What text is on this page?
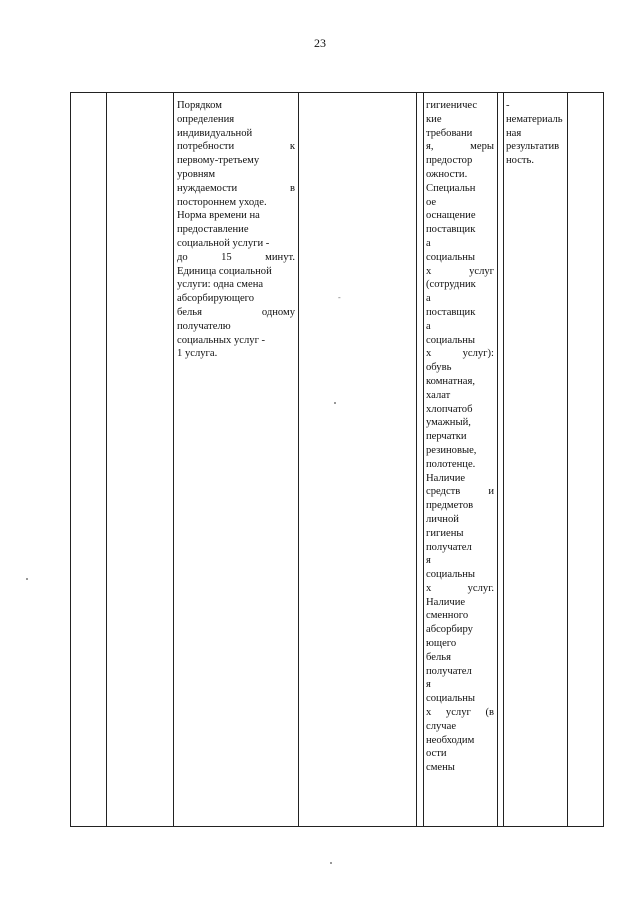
23
Порядком
определения
индивидуальной
потребности к
первому-третьему
уровням
нуждаемости в
постороннем уходе.
Норма времени на
предоставление
социальной услуги -
до 15 минут.
Единица социальной
услуги: одна смена
абсорбирующего
белья одному
получателю
социальных услуг -
1 услуга.
гигиеничес
кие
требовани
я, меры
предостор
ожности.
Специальн
ое
оснащение
поставщик
а
социальны
х услуг
(сотрудник
а
поставщик
а
социальны
х услуг):
обувь
комнатная,
халат
хлопчатоб
умажный,
перчатки
резиновые,
полотенце.
Наличие
средств и
предметов
личной
гигиены
получател
я
социальны
х услуг.
Наличие
сменного
абсорбиру
ющего
белья
получател
я
социальны
х услуг (в
случае
необходим
ости
смены
-
нематериаль
ная
результатив
ность.
-
